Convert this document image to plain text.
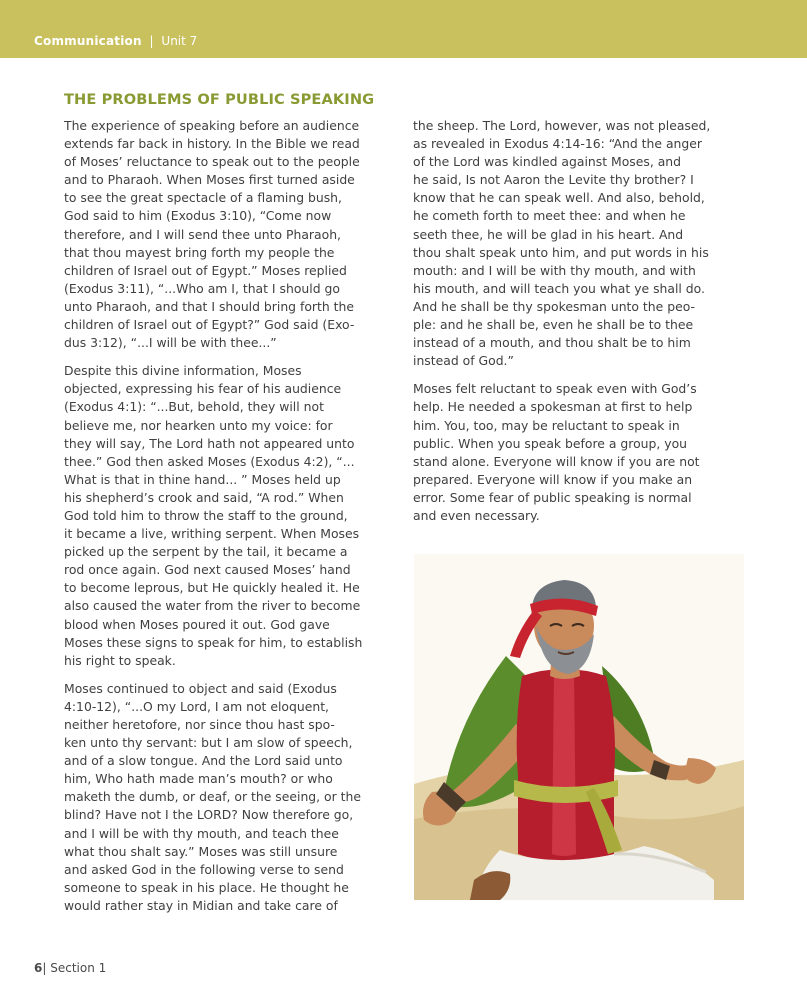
Communication | Unit 7
THE PROBLEMS OF PUBLIC SPEAKING

The experience of speaking before an audience
extends far back in history. In the Bible we read
of Moses’ reluctance to speak out to the people
and to Pharaoh. When Moses first turned aside
to see the great spectacle of a flaming bush,
God said to him (Exodus 3:10), “Come now
therefore, and I will send thee unto Pharaoh,
that thou mayest bring forth my people the
children of Israel out of Egypt.” Moses replied
(Exodus 3:11), “...Who am I, that I should go
unto Pharaoh, and that I should bring forth the
children of Israel out of Egypt?” God said (Exo-
dus 3:12), “...I will be with thee...”

Despite this divine information, Moses
objected, expressing his fear of his audience
(Exodus 4:1): “...But, behold, they will not
believe me, nor hearken unto my voice: for
they will say, The Lord hath not appeared unto
thee.” God then asked Moses (Exodus 4:2), “...
What is that in thine hand... ” Moses held up
his shepherd’s crook and said, “A rod.” When
God told him to throw the staff to the ground,
it became a live, writhing serpent. When Moses
picked up the serpent by the tail, it became a
rod once again. God next caused Moses’ hand
to become leprous, but He quickly healed it. He
also caused the water from the river to become
blood when Moses poured it out. God gave
Moses these signs to speak for him, to establish
his right to speak.

Moses continued to object and said (Exodus
4:10-12), “...O my Lord, I am not eloquent,
neither heretofore, nor since thou hast spo-
ken unto thy servant: but I am slow of speech,
and of a slow tongue. And the Lord said unto
him, Who hath made man’s mouth? or who
maketh the dumb, or deaf, or the seeing, or the
blind? Have not I the LORD? Now therefore go,
and I will be with thy mouth, and teach thee
what thou shalt say.” Moses was still unsure
and asked God in the following verse to send
someone to speak in his place. He thought he
would rather stay in Midian and take care of

the sheep. The Lord, however, was not pleased,
as revealed in Exodus 4:14-16: “And the anger
of the Lord was kindled against Moses, and
he said, Is not Aaron the Levite thy brother? I
know that he can speak well. And also, behold,
he cometh forth to meet thee: and when he
seeth thee, he will be glad in his heart. And
thou shalt speak unto him, and put words in his
mouth: and I will be with thy mouth, and with
his mouth, and will teach you what ye shall do.
And he shall be thy spokesman unto the peo-
ple: and he shall be, even he shall be to thee
instead of a mouth, and thou shalt be to him
instead of God.”

Moses felt reluctant to speak even with God’s
help. He needed a spokesman at first to help
him. You, too, may be reluctant to speak in
public. When you speak before a group, you
stand alone. Everyone will know if you are not
prepared. Everyone will know if you make an
error. Some fear of public speaking is normal
and even necessary.

6| Section 1
